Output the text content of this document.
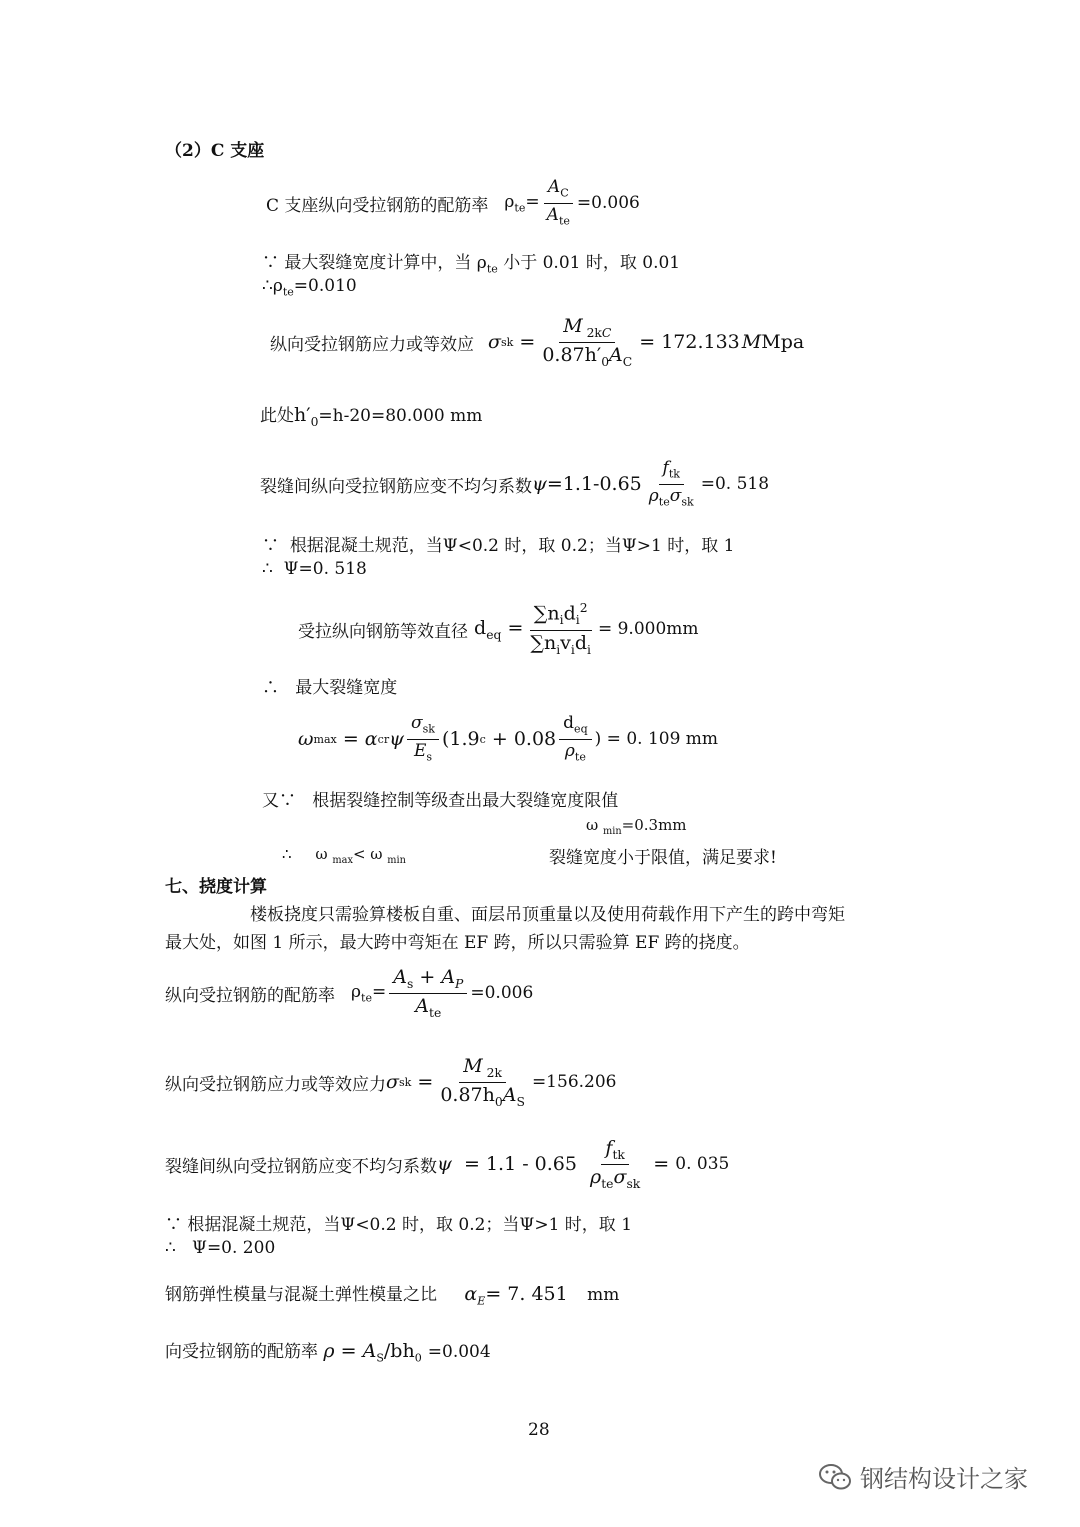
（2）C 支座
C 支座纵向受拉钢筋的配筋率 $\rho_{te}= \frac{A_C}{A_{te}} =0.006$
∵ 最大裂缝宽度计算中，当 $\rho_{te}$ 小于 0.01 时，取 0.01
$\therefore\rho_{te}=0.010$
纵向受拉钢筋应力或等效应 σ sk = $\frac{M _{2kC}}{0.87h'_0A_C} = 172.133$ M Mpa
此处$h'_0=h-20=80.000$ mm
裂缝间纵向受拉钢筋应变不均匀系数 $\psi =1.1-0.65 \frac{f_{tk}}{\rho_{te}\sigma_{sk}} =0$. 518
∵  根据混凝土规范，当Ψ<0.2 时，取 0.2；当Ψ>1 时，取 1
∴  Ψ=0. 518
受拉纵向钢筋等效直径 $d_{eq} = \frac{\sum n_id_i^2}{\sum n_iv_id_i} = 9.000mm$
∴   最大裂缝宽度
ω max = α cr ψ $\frac{\sigma_{sk}}{E_s} (1.9$ $c + 0.08 \frac{d_{eq}}{\rho_{te}}$ ) = 0. 109 mm
又∵   根据裂缝控制等级查出最大裂缝宽度限值
ω $_{min}$=0.3mm
∴     ω $_{max}$< ω $_{min}$	裂缝宽度小于限值，满足要求!
七、挠度计算
楼板挠度只需验算楼板自重、面层吊顶重量以及使用荷载作用下产生的跨中弯矩
最大处，如图 1 所示，最大跨中弯矩在 EF 跨，所以只需验算 EF 跨的挠度。
纵向受拉钢筋的配筋率 $\rho_{te}= \frac{A_s + A_P}{A_{te}} =0.006$
纵向受拉钢筋应力或等效应力 σ sk = $\frac{M _{2k}}{0.87h_0A_S} =156.206$
裂缝间纵向受拉钢筋应变不均匀系数 $\psi = 1.1 - 0.65 \frac{f_{tk}}{\rho_{te}\sigma_{sk}} = 0$. 035
∵ 根据混凝土规范，当Ψ<0.2 时，取 0.2；当Ψ>1 时，取 1
∴   Ψ=0. 200
钢筋弹性模量与混凝土弹性模量之比 $\alpha_E= 7$. 451 mm
向受拉钢筋的配筋率 $\rho = A_S/bh_0 =0.004$
28
钢结构设计之家
